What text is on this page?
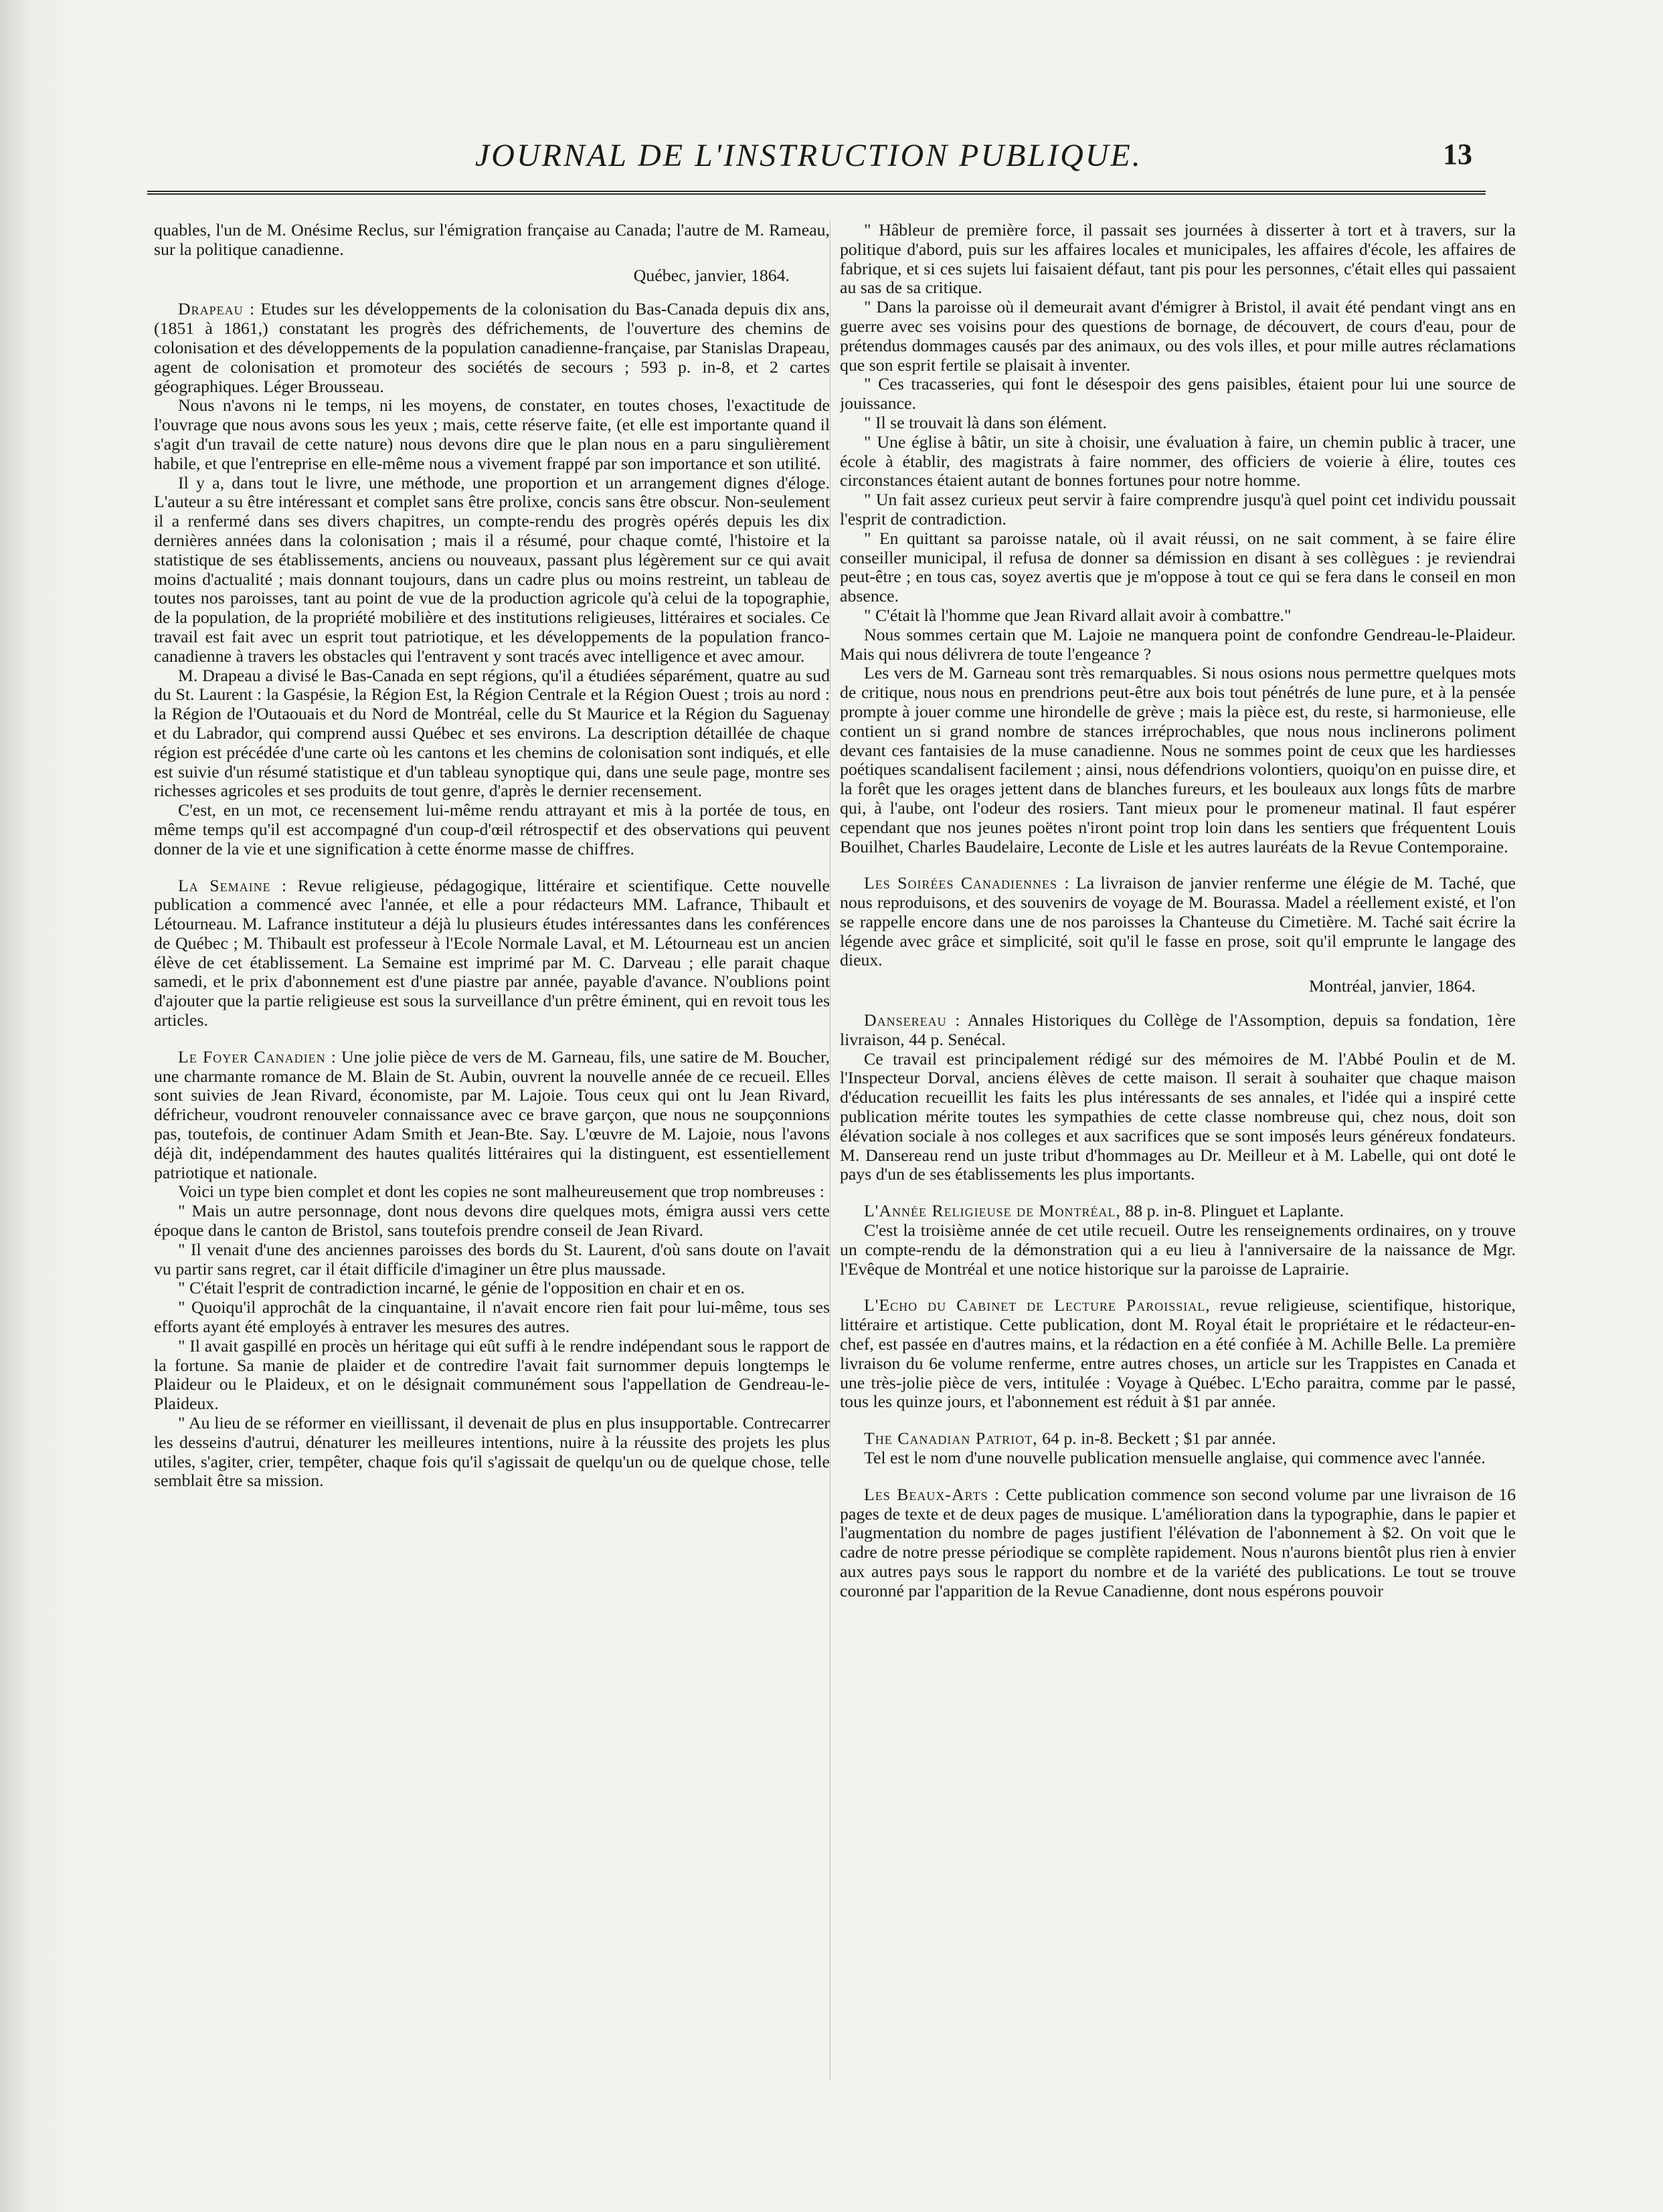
JOURNAL DE L'INSTRUCTION PUBLIQUE.	13

quables, l'un de M. Onésime Reclus, sur l'émigration française au Canada; l'autre de M. Rameau, sur la politique canadienne.

Québec, janvier, 1864.

Drapeau : Etudes sur les développements de la colonisation du Bas-Canada depuis dix ans, (1851 à 1861,) constatant les progrès des défrichements, de l'ouverture des chemins de colonisation et des développements de la population canadienne-française, par Stanislas Drapeau, agent de colonisation et promoteur des sociétés de secours ; 593 p. in-8, et 2 cartes géographiques. Léger Brousseau.

Nous n'avons ni le temps, ni les moyens, de constater, en toutes choses, l'exactitude de l'ouvrage que nous avons sous les yeux ; mais, cette réserve faite, (et elle est importante quand il s'agit d'un travail de cette nature) nous devons dire que le plan nous en a paru singulièrement habile, et que l'entreprise en elle-même nous a vivement frappé par son importance et son utilité.

Il y a, dans tout le livre, une méthode, une proportion et un arrangement dignes d'éloge. L'auteur a su être intéressant et complet sans être prolixe, concis sans être obscur. Non-seulement il a renfermé dans ses divers chapitres, un compte-rendu des progrès opérés depuis les dix dernières années dans la colonisation ; mais il a résumé, pour chaque comté, l'histoire et la statistique de ses établissements, anciens ou nouveaux, passant plus légèrement sur ce qui avait moins d'actualité ; mais donnant toujours, dans un cadre plus ou moins restreint, un tableau de toutes nos paroisses, tant au point de vue de la production agricole qu'à celui de la topographie, de la population, de la propriété mobilière et des institutions religieuses, littéraires et sociales. Ce travail est fait avec un esprit tout patriotique, et les développements de la population franco-canadienne à travers les obstacles qui l'entravent y sont tracés avec intelligence et avec amour.

M. Drapeau a divisé le Bas-Canada en sept régions, qu'il a étudiées séparément, quatre au sud du St. Laurent : la Gaspésie, la Région Est, la Région Centrale et la Région Ouest ; trois au nord : la Région de l'Outaouais et du Nord de Montréal, celle du St Maurice et la Région du Saguenay et du Labrador, qui comprend aussi Québec et ses environs. La description détaillée de chaque région est précédée d'une carte où les cantons et les chemins de colonisation sont indiqués, et elle est suivie d'un résumé statistique et d'un tableau synoptique qui, dans une seule page, montre ses richesses agricoles et ses produits de tout genre, d'après le dernier recensement.

C'est, en un mot, ce recensement lui-même rendu attrayant et mis à la portée de tous, en même temps qu'il est accompagné d'un coup-d'œil rétrospectif et des observations qui peuvent donner de la vie et une signification à cette énorme masse de chiffres.

La Semaine : Revue religieuse, pédagogique, littéraire et scientifique. Cette nouvelle publication a commencé avec l'année, et elle a pour rédacteurs MM. Lafrance, Thibault et Létourneau. M. Lafrance instituteur a déjà lu plusieurs études intéressantes dans les conférences de Québec ; M. Thibault est professeur à l'Ecole Normale Laval, et M. Létourneau est un ancien élève de cet établissement. La Semaine est imprimé par M. C. Darveau ; elle parait chaque samedi, et le prix d'abonnement est d'une piastre par année, payable d'avance. N'oublions point d'ajouter que la partie religieuse est sous la surveillance d'un prêtre éminent, qui en revoit tous les articles.

Le Foyer Canadien : Une jolie pièce de vers de M. Garneau, fils, une satire de M. Boucher, une charmante romance de M. Blain de St. Aubin, ouvrent la nouvelle année de ce recueil. Elles sont suivies de Jean Rivard, économiste, par M. Lajoie. Tous ceux qui ont lu Jean Rivard, défricheur, voudront renouveler connaissance avec ce brave garçon, que nous ne soupçonnions pas, toutefois, de continuer Adam Smith et Jean-Bte. Say. L'œuvre de M. Lajoie, nous l'avons déjà dit, indépendamment des hautes qualités littéraires qui la distinguent, est essentiellement patriotique et nationale.

Voici un type bien complet et dont les copies ne sont malheureusement que trop nombreuses :

" Mais un autre personnage, dont nous devons dire quelques mots, émigra aussi vers cette époque dans le canton de Bristol, sans toutefois prendre conseil de Jean Rivard.

" Il venait d'une des anciennes paroisses des bords du St. Laurent, d'où sans doute on l'avait vu partir sans regret, car il était difficile d'imaginer un être plus maussade.

" C'était l'esprit de contradiction incarné, le génie de l'opposition en chair et en os.

" Quoiqu'il approchât de la cinquantaine, il n'avait encore rien fait pour lui-même, tous ses efforts ayant été employés à entraver les mesures des autres.

" Il avait gaspillé en procès un héritage qui eût suffi à le rendre indépendant sous le rapport de la fortune. Sa manie de plaider et de contredire l'avait fait surnommer depuis longtemps le Plaideur ou le Plaideux, et on le désignait communément sous l'appellation de Gendreau-le-Plaideux.

" Au lieu de se réformer en vieillissant, il devenait de plus en plus insupportable. Contrecarrer les desseins d'autrui, dénaturer les meilleures intentions, nuire à la réussite des projets les plus utiles, s'agiter, crier, tempêter, chaque fois qu'il s'agissait de quelqu'un ou de quelque chose, telle semblait être sa mission.

" Hâbleur de première force, il passait ses journées à disserter à tort et à travers, sur la politique d'abord, puis sur les affaires locales et municipales, les affaires d'école, les affaires de fabrique, et si ces sujets lui faisaient défaut, tant pis pour les personnes, c'était elles qui passaient au sas de sa critique.

" Dans la paroisse où il demeurait avant d'émigrer à Bristol, il avait été pendant vingt ans en guerre avec ses voisins pour des questions de bornage, de découvert, de cours d'eau, pour de prétendus dommages causés par des animaux, ou des vols illes, et pour mille autres réclamations que son esprit fertile se plaisait à inventer.

" Ces tracasseries, qui font le désespoir des gens paisibles, étaient pour lui une source de jouissance.

" Il se trouvait là dans son élément.

" Une église à bâtir, un site à choisir, une évaluation à faire, un chemin public à tracer, une école à établir, des magistrats à faire nommer, des officiers de voierie à élire, toutes ces circonstances étaient autant de bonnes fortunes pour notre homme.

" Un fait assez curieux peut servir à faire comprendre jusqu'à quel point cet individu poussait l'esprit de contradiction.

" En quittant sa paroisse natale, où il avait réussi, on ne sait comment, à se faire élire conseiller municipal, il refusa de donner sa démission en disant à ses collègues : je reviendrai peut-être ; en tous cas, soyez avertis que je m'oppose à tout ce qui se fera dans le conseil en mon absence.

" C'était là l'homme que Jean Rivard allait avoir à combattre."

Nous sommes certain que M. Lajoie ne manquera point de confondre Gendreau-le-Plaideur. Mais qui nous délivrera de toute l'engeance ?

Les vers de M. Garneau sont très remarquables. Si nous osions nous permettre quelques mots de critique, nous nous en prendrions peut-être aux bois tout pénétrés de lune pure, et à la pensée prompte à jouer comme une hirondelle de grève ; mais la pièce est, du reste, si harmonieuse, elle contient un si grand nombre de stances irréprochables, que nous nous inclinerons poliment devant ces fantaisies de la muse canadienne. Nous ne sommes point de ceux que les hardiesses poétiques scandalisent facilement ; ainsi, nous défendrions volontiers, quoiqu'on en puisse dire, et la forêt que les orages jettent dans de blanches fureurs, et les bouleaux aux longs fûts de marbre qui, à l'aube, ont l'odeur des rosiers. Tant mieux pour le promeneur matinal. Il faut espérer cependant que nos jeunes poëtes n'iront point trop loin dans les sentiers que fréquentent Louis Bouilhet, Charles Baudelaire, Leconte de Lisle et les autres lauréats de la Revue Contemporaine.

Les Soirées Canadiennes : La livraison de janvier renferme une élégie de M. Taché, que nous reproduisons, et des souvenirs de voyage de M. Bourassa. Madel a réellement existé, et l'on se rappelle encore dans une de nos paroisses la Chanteuse du Cimetière. M. Taché sait écrire la légende avec grâce et simplicité, soit qu'il le fasse en prose, soit qu'il emprunte le langage des dieux.

Montréal, janvier, 1864.

Dansereau : Annales Historiques du Collège de l'Assomption, depuis sa fondation, 1ère livraison, 44 p. Senécal.

Ce travail est principalement rédigé sur des mémoires de M. l'Abbé Poulin et de M. l'Inspecteur Dorval, anciens élèves de cette maison. Il serait à souhaiter que chaque maison d'éducation recueillit les faits les plus intéressants de ses annales, et l'idée qui a inspiré cette publication mérite toutes les sympathies de cette classe nombreuse qui, chez nous, doit son élévation sociale à nos colleges et aux sacrifices que se sont imposés leurs généreux fondateurs. M. Dansereau rend un juste tribut d'hommages au Dr. Meilleur et à M. Labelle, qui ont doté le pays d'un de ses établissements les plus importants.

L'Année Religieuse de Montréal, 88 p. in-8. Plinguet et Laplante.

C'est la troisième année de cet utile recueil. Outre les renseignements ordinaires, on y trouve un compte-rendu de la démonstration qui a eu lieu à l'anniversaire de la naissance de Mgr. l'Evêque de Montréal et une notice historique sur la paroisse de Laprairie.

L'Echo du Cabinet de Lecture Paroissial, revue religieuse, scientifique, historique, littéraire et artistique. Cette publication, dont M. Royal était le propriétaire et le rédacteur-en-chef, est passée en d'autres mains, et la rédaction en a été confiée à M. Achille Belle. La première livraison du 6e volume renferme, entre autres choses, un article sur les Trappistes en Canada et une très-jolie pièce de vers, intitulée : Voyage à Québec. L'Echo paraitra, comme par le passé, tous les quinze jours, et l'abonnement est réduit à $1 par année.

The Canadian Patriot, 64 p. in-8. Beckett ; $1 par année.

Tel est le nom d'une nouvelle publication mensuelle anglaise, qui commence avec l'année.

Les Beaux-Arts : Cette publication commence son second volume par une livraison de 16 pages de texte et de deux pages de musique. L'amélioration dans la typographie, dans le papier et l'augmentation du nombre de pages justifient l'élévation de l'abonnement à $2. On voit que le cadre de notre presse périodique se complète rapidement. Nous n'aurons bientôt plus rien à envier aux autres pays sous le rapport du nombre et de la variété des publications. Le tout se trouve couronné par l'apparition de la Revue Canadienne, dont nous espérons pouvoir
